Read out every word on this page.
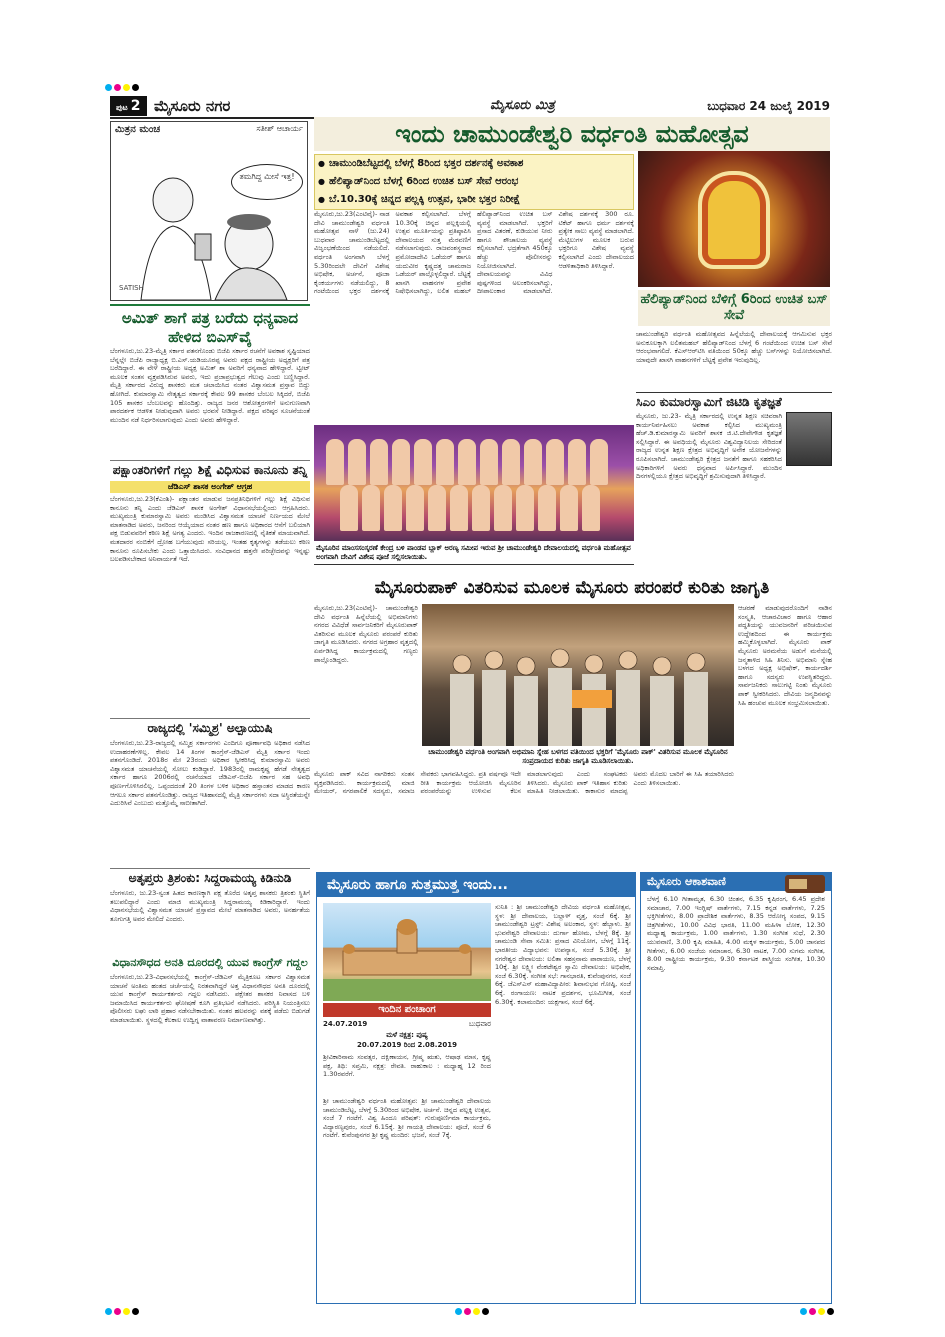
ಪುಟ 2 ಮೈಸೂರು ನಗರ	ಮೈಸೂರು ಮಿತ್ರ	ಬುಧವಾರ 24 ಜುಲೈ 2019
ಮಿತ್ರನ ಮಂಚ	ಸತೀಶ್ ಆಚಾರ್ಯ
SATISH
ತಮಗಿದ್ದ ಮೀಸೆ ಇತ್ತ!
ಅಮಿತ್ ಶಾಗೆ ಪತ್ರ ಬರೆದು ಧನ್ಯವಾದ ಹೇಳಿದ ಬಿಎಸ್‌ವೈ
ಬೆಂಗಳೂರು,ಜು.23-ಮೈತ್ರಿ ಸರ್ಕಾರ ಪತನಗೊಂಡು ಬಿಜೆಪಿ ಸರ್ಕಾರ ರಚನೆಗೆ ಅವಕಾಶ ಸೃಷ್ಟಿಯಾದ ಬೆನ್ನಲ್ಲೇ ಬಿಜೆಪಿ ರಾಜ್ಯಾಧ್ಯಕ್ಷ ಬಿ.ಎಸ್.ಯಡಿಯೂರಪ್ಪ ಅವರು ಪಕ್ಷದ ರಾಷ್ಟ್ರೀಯ ಅಧ್ಯಕ್ಷರಿಗೆ ಪತ್ರ ಬರೆದಿದ್ದಾರೆ. ಈ ವೇಳೆ ರಾಷ್ಟ್ರೀಯ ಅಧ್ಯಕ್ಷ ಅಮಿತ್ ಶಾ ಅವರಿಗೆ ಧನ್ಯವಾದ ಹೇಳಿದ್ದಾರೆ. ಟ್ವೀಟ್ ಮೂಲಕ ಸಂತಸ ವ್ಯಕ್ತಪಡಿಸಿರುವ ಅವರು, ಇದು ಪ್ರಜಾಪ್ರಭುತ್ವದ ಗೆಲುವು ಎಂದು ಬಣ್ಣಿಸಿದ್ದಾರೆ. ಮೈತ್ರಿ ಸರ್ಕಾರದ ವಿರುದ್ಧ ಶಾಸಕರು ಮತ ಚಲಾಯಿಸಿದ ನಂತರ ವಿಶ್ವಾಸಮತ ಪ್ರಸ್ತಾವ ಬಿದ್ದು ಹೋಗಿದೆ. ಕುಮಾರಸ್ವಾಮಿ ನೇತೃತ್ವದ ಸರ್ಕಾರಕ್ಕೆ ಕೇವಲ 99 ಶಾಸಕರ ಬೆಂಬಲ ಸಿಕ್ಕಿದರೆ, ಬಿಜೆಪಿ 105 ಶಾಸಕರ ಬೆಂಬಲವನ್ನು ಹೊಂದಿತ್ತು. ರಾಜ್ಯದ ಜನರ ಆಶೋತ್ತರಗಳಿಗೆ ಅನುಗುಣವಾಗಿ ಪಾರದರ್ಶಕ ಆಡಳಿತ ನೀಡುವುದಾಗಿ ಅವರು ಭರವಸೆ ನೀಡಿದ್ದಾರೆ. ಪಕ್ಷದ ವರಿಷ್ಠರ ಸೂಚನೆಯಂತೆ ಮುಂದಿನ ನಡೆ ನಿರ್ಧರಿಸಲಾಗುವುದು ಎಂದು ಅವರು ಹೇಳಿದ್ದಾರೆ.
ಪಕ್ಷಾಂತರಿಗಳಿಗೆ ಗಲ್ಲು ಶಿಕ್ಷೆ ವಿಧಿಸುವ ಕಾನೂನು ತನ್ನಿ
ಜೆಡಿಎಸ್ ಶಾಸಕ ಅಂಗೇಶ್ ಆಗ್ರಹ
ಬೆಂಗಳೂರು,ಜು.23(ಕೆಎಂಶಿ)- ಪಕ್ಷಾಂತರ ಮಾಡುವ ಜನಪ್ರತಿನಿಧಿಗಳಿಗೆ ಗಲ್ಲು ಶಿಕ್ಷೆ ವಿಧಿಸುವ ಕಾನೂನು ತನ್ನಿ ಎಂದು ಜೆಡಿಎಸ್ ಶಾಸಕ ಅಂಗೇಶ್ ವಿಧಾನಸಭೆಯಲ್ಲಿಂದು ಆಗ್ರಹಿಸಿದರು. ಮುಖ್ಯಮಂತ್ರಿ ಕುಮಾರಸ್ವಾಮಿ ಅವರು ಮಂಡಿಸಿದ ವಿಶ್ವಾಸಮತ ಯಾಚನೆ ನಿರ್ಣಯದ ಮೇಲೆ ಮಾತನಾಡಿದ ಅವರು, ಜನರಿಂದ ಆಯ್ಕೆಯಾದ ನಂತರ ಹಣ ಹಾಗೂ ಅಧಿಕಾರದ ಆಸೆಗೆ ಬಲಿಯಾಗಿ ಪಕ್ಷ ಬಿಡುವವರಿಗೆ ಕಠಿಣ ಶಿಕ್ಷೆ ಅಗತ್ಯ ಎಂದರು. ಇಂದಿನ ರಾಜಕಾರಣದಲ್ಲಿ ನೈತಿಕತೆ ಮಾಯವಾಗಿದೆ. ಮತದಾರರ ನಂಬಿಕೆಗೆ ದ್ರೋಹ ಬಗೆಯುವುದು ಸರಿಯಲ್ಲ. ಇಂತಹ ಕೃತ್ಯಗಳನ್ನು ತಡೆಯಲು ಕಠಿಣ ಕಾನೂನು ರೂಪಿಸಬೇಕು ಎಂದು ಒತ್ತಾಯಿಸಿದರು. ಸಂವಿಧಾನದ ಹತ್ತನೇ ಪರಿಚ್ಛೇದವನ್ನು ಇನ್ನಷ್ಟು ಬಲಪಡಿಸಬೇಕಾದ ಅನಿವಾರ್ಯತೆ ಇದೆ.
ರಾಜ್ಯದಲ್ಲಿ 'ಸಮ್ಮಿಶ್ರ' ಅಲ್ಪಾಯುಷಿ
ಬೆಂಗಳೂರು,ಜು.23-ರಾಜ್ಯದಲ್ಲಿ ಸಮ್ಮಿಶ್ರ ಸರ್ಕಾರಗಳು ಎಂದಿಗೂ ಪೂರ್ಣಾವಧಿ ಅಧಿಕಾರ ನಡೆಸಿದ ಉದಾಹರಣೆಗಳಿಲ್ಲ. ಕೇವಲ 14 ತಿಂಗಳ ಕಾಂಗ್ರೆಸ್-ಜೆಡಿಎಸ್ ಮೈತ್ರಿ ಸರ್ಕಾರ ಇಂದು ಪತನಗೊಂಡಿದೆ. 2018ರ ಮೇ 23ರಂದು ಅಧಿಕಾರ ಸ್ವೀಕರಿಸಿದ್ದ ಕುಮಾರಸ್ವಾಮಿ ಅವರು ವಿಶ್ವಾಸಮತ ಯಾಚನೆಯಲ್ಲಿ ಸೋಲು ಕಂಡಿದ್ದಾರೆ. 1983ರಲ್ಲಿ ರಾಮಕೃಷ್ಣ ಹೆಗಡೆ ನೇತೃತ್ವದ ಸರ್ಕಾರ ಹಾಗೂ 2006ರಲ್ಲಿ ರಚನೆಯಾದ ಜೆಡಿಎಸ್-ಬಿಜೆಪಿ ಸರ್ಕಾರ ಸಹ ಅವಧಿ ಪೂರ್ಣಗೊಳಿಸಿರಲಿಲ್ಲ. ಒಪ್ಪಂದದಂತೆ 20 ತಿಂಗಳ ಬಳಿಕ ಅಧಿಕಾರ ಹಸ್ತಾಂತರ ಮಾಡದ ಕಾರಣ ಆಗಲೂ ಸರ್ಕಾರ ಪತನಗೊಂಡಿತ್ತು. ರಾಜ್ಯದ ಇತಿಹಾಸದಲ್ಲಿ ಮೈತ್ರಿ ಸರ್ಕಾರಗಳು ಸದಾ ಅಸ್ಥಿರತೆಯನ್ನೇ ಎದುರಿಸಿವೆ ಎಂಬುದು ಮತ್ತೊಮ್ಮೆ ಸಾಬೀತಾಗಿದೆ.
ಅತೃಪ್ತರು ತ್ರಿಶಂಕು: ಸಿದ್ದರಾಮಯ್ಯ ಕಿಡಿನುಡಿ
ಬೆಂಗಳೂರು, ಜು.23-ಸ್ವಂತ ಹಿತದ ಕಾರಣಕ್ಕಾಗಿ ಪಕ್ಷ ತೊರೆದ ಅತೃಪ್ತ ಶಾಸಕರು ತ್ರಿಶಂಕು ಸ್ಥಿತಿಗೆ ತಲುಪಲಿದ್ದಾರೆ ಎಂದು ಮಾಜಿ ಮುಖ್ಯಮಂತ್ರಿ ಸಿದ್ದರಾಮಯ್ಯ ಕಿಡಿಕಾರಿದ್ದಾರೆ. ಇಂದು ವಿಧಾನಸಭೆಯಲ್ಲಿ ವಿಶ್ವಾಸಮತ ಯಾಚನೆ ಪ್ರಸ್ತಾವದ ಮೇಲೆ ಮಾತನಾಡಿದ ಅವರು, ಅನರ್ಹತೆಯ ತೂಗುಗತ್ತಿ ಅವರ ಮೇಲಿದೆ ಎಂದರು.
ವಿಧಾನಸೌಧದ ಅನತಿ ದೂರದಲ್ಲಿ ಯುವ ಕಾಂಗ್ರೆಸ್ ಗದ್ದಲ
ಬೆಂಗಳೂರು,ಜು.23-ವಿಧಾನಸಭೆಯಲ್ಲಿ ಕಾಂಗ್ರೆಸ್-ಜೆಡಿಎಸ್ ಮೈತ್ರಿಕೂಟ ಸರ್ಕಾರ ವಿಶ್ವಾಸಮತ ಯಾಚನೆ ಅಂತಿಮ ಹಂತದ ಚರ್ಚೆಯಲ್ಲಿ ನಿರತವಾಗಿದ್ದರೆ ಅತ್ತ ವಿಧಾನಸೌಧದ ಅನತಿ ದೂರದಲ್ಲಿ ಯುವ ಕಾಂಗ್ರೆಸ್ ಕಾರ್ಯಕರ್ತರು ಗದ್ದಲ ನಡೆಸಿದರು. ಪಕ್ಷೇತರ ಶಾಸಕರ ನಿವಾಸದ ಬಳಿ ಜಮಾಯಿಸಿದ ಕಾರ್ಯಕರ್ತರು ಘೋಷಣೆ ಕೂಗಿ ಪ್ರತಿಭಟನೆ ನಡೆಸಿದರು. ಪರಿಸ್ಥಿತಿ ನಿಯಂತ್ರಿಸಲು ಪೊಲೀಸರು ಲಘು ಲಾಠಿ ಪ್ರಹಾರ ನಡೆಸಬೇಕಾಯಿತು. ನಂತರ ಹಲವರನ್ನು ವಶಕ್ಕೆ ಪಡೆದು ಬಿಡುಗಡೆ ಮಾಡಲಾಯಿತು. ಸ್ಥಳದಲ್ಲಿ ಕೆಲಕಾಲ ಉದ್ವಿಗ್ನ ವಾತಾವರಣ ನಿರ್ಮಾಣವಾಗಿತ್ತು.
ಇಂದು ಚಾಮುಂಡೇಶ್ವರಿ ವರ್ಧಂತಿ ಮಹೋತ್ಸವ
● ಚಾಮುಂಡಿಬೆಟ್ಟದಲ್ಲಿ ಬೆಳಗ್ಗೆ 8ರಿಂದ ಭಕ್ತರ ದರ್ಶನಕ್ಕೆ ಅವಕಾಶ
● ಹೆಲಿಪ್ಯಾಡ್‌ನಿಂದ ಬೆಳಗ್ಗೆ 6ರಿಂದ ಉಚಿತ ಬಸ್ ಸೇವೆ ಆರಂಭ
● ಬೆ.10.30ಕ್ಕೆ ಚಿನ್ನದ ಪಲ್ಲಕ್ಕಿ ಉತ್ಸವ, ಭಾರೀ ಭಕ್ತರ ನಿರೀಕ್ಷೆ
ಮೈಸೂರು,ಜು.23(ಎಂಟಿವೈ)- ನಾಡ ದೇವಿ ಚಾಮುಂಡೇಶ್ವರಿ ವರ್ಧಂತಿ ಮಹೋತ್ಸವ ನಾಳೆ (ಜು.24) ಬುಧವಾರ ಚಾಮುಂಡಿಬೆಟ್ಟದಲ್ಲಿ ವಿಜೃಂಭಣೆಯಿಂದ ನಡೆಯಲಿದೆ. ವರ್ಧಂತಿ ಅಂಗವಾಗಿ ಬೆಳಗ್ಗೆ 5.30ರಿಂದಲೇ ದೇವಿಗೆ ವಿಶೇಷ ಅಭಿಷೇಕ, ಅರ್ಚನೆ, ಪೂಜಾ ಕೈಂಕರ್ಯಗಳು ನಡೆಯಲಿದ್ದು, 8 ಗಂಟೆಯಿಂದ ಭಕ್ತರ ದರ್ಶನಕ್ಕೆ ಅವಕಾಶ ಕಲ್ಪಿಸಲಾಗಿದೆ. ಬೆಳಗ್ಗೆ 10.30ಕ್ಕೆ ಚಿನ್ನದ ಪಲ್ಲಕ್ಕಿಯಲ್ಲಿ ಉತ್ಸವ ಮೂರ್ತಿಯನ್ನು ಪ್ರತಿಷ್ಠಾಪಿಸಿ ದೇವಾಲಯದ ಸುತ್ತ ಮೆರವಣಿಗೆ ನಡೆಸಲಾಗುವುದು. ರಾಜವಂಶಸ್ಥರಾದ ಪ್ರಮೋದಾದೇವಿ ಒಡೆಯರ್ ಹಾಗೂ ಯದುವೀರ ಕೃಷ್ಣದತ್ತ ಚಾಮರಾಜ ಒಡೆಯರ್ ಪಾಲ್ಗೊಳ್ಳಲಿದ್ದಾರೆ. ಬೆಟ್ಟಕ್ಕೆ ಖಾಸಗಿ ವಾಹನಗಳ ಪ್ರವೇಶ ನಿಷೇಧಿಸಲಾಗಿದ್ದು, ಲಲಿತ ಮಹಲ್ ಹೆಲಿಪ್ಯಾಡ್‌ನಿಂದ ಉಚಿತ ಬಸ್ ವ್ಯವಸ್ಥೆ ಮಾಡಲಾಗಿದೆ. ಭಕ್ತರಿಗೆ ಪ್ರಸಾದ ವಿತರಣೆ, ಕುಡಿಯುವ ನೀರು ಹಾಗೂ ಶೌಚಾಲಯ ವ್ಯವಸ್ಥೆ ಕಲ್ಪಿಸಲಾಗಿದೆ. ಭದ್ರತೆಗಾಗಿ 450ಕ್ಕೂ ಹೆಚ್ಚು ಪೊಲೀಸರನ್ನು ನಿಯೋಜಿಸಲಾಗಿದೆ. ದೇವಾಲಯವನ್ನು ವಿವಿಧ ಪುಷ್ಪಗಳಿಂದ ಅಲಂಕರಿಸಲಾಗಿದ್ದು, ದೀಪಾಲಂಕಾರ ಮಾಡಲಾಗಿದೆ. ವಿಶೇಷ ದರ್ಶನಕ್ಕೆ 300 ರೂ. ಟಿಕೆಟ್ ಹಾಗೂ ಧರ್ಮ ದರ್ಶನಕ್ಕೆ ಪ್ರತ್ಯೇಕ ಸಾಲು ವ್ಯವಸ್ಥೆ ಮಾಡಲಾಗಿದೆ. ಮೆಟ್ಟಿಲುಗಳ ಮೂಲಕ ಬರುವ ಭಕ್ತರಿಗೂ ವಿಶೇಷ ವ್ಯವಸ್ಥೆ ಕಲ್ಪಿಸಲಾಗಿದೆ ಎಂದು ದೇವಾಲಯದ ಆಡಳಿತಾಧಿಕಾರಿ ತಿಳಿಸಿದ್ದಾರೆ.
ಹೆಲಿಪ್ಯಾಡ್‌ನಿಂದ ಬೆಳಿಗ್ಗೆ 6ರಿಂದ ಉಚಿತ ಬಸ್ ಸೇವೆ
ಚಾಮುಂಡೇಶ್ವರಿ ವರ್ಧಂತಿ ಮಹೋತ್ಸವದ ಹಿನ್ನೆಲೆಯಲ್ಲಿ ದೇವಾಲಯಕ್ಕೆ ಆಗಮಿಸುವ ಭಕ್ತರ ಅನುಕೂಲಕ್ಕಾಗಿ ಲಲಿತಮಹಲ್ ಹೆಲಿಪ್ಯಾಡ್‌ನಿಂದ ಬೆಳಗ್ಗೆ 6 ಗಂಟೆಯಿಂದ ಉಚಿತ ಬಸ್ ಸೇವೆ ಆರಂಭವಾಗಲಿದೆ. ಕೆಎಸ್‌ಆರ್‌ಟಿಸಿ ವತಿಯಿಂದ 50ಕ್ಕೂ ಹೆಚ್ಚು ಬಸ್‌ಗಳನ್ನು ನಿಯೋಜಿಸಲಾಗಿದೆ. ಯಾವುದೇ ಖಾಸಗಿ ವಾಹನಗಳಿಗೆ ಬೆಟ್ಟಕ್ಕೆ ಪ್ರವೇಶ ಇರುವುದಿಲ್ಲ.
ಸಿಎಂ ಕುಮಾರಸ್ವಾಮಿಗೆ ಜಿಟಿಡಿ ಕೃತಜ್ಞತೆ
ಮೈಸೂರು, ಜು.23- ಮೈತ್ರಿ ಸರ್ಕಾರದಲ್ಲಿ ಉನ್ನತ ಶಿಕ್ಷಣ ಸಚಿವರಾಗಿ ಕಾರ್ಯನಿರ್ವಹಿಸಲು ಅವಕಾಶ ಕಲ್ಪಿಸಿದ ಮುಖ್ಯಮಂತ್ರಿ ಹೆಚ್.ಡಿ.ಕುಮಾರಸ್ವಾಮಿ ಅವರಿಗೆ ಶಾಸಕ ಜಿ.ಟಿ.ದೇವೇಗೌಡ ಕೃತಜ್ಞತೆ ಸಲ್ಲಿಸಿದ್ದಾರೆ. ಈ ಅವಧಿಯಲ್ಲಿ ಮೈಸೂರು ವಿಶ್ವವಿದ್ಯಾನಿಲಯ ಸೇರಿದಂತೆ ರಾಜ್ಯದ ಉನ್ನತ ಶಿಕ್ಷಣ ಕ್ಷೇತ್ರದ ಅಭಿವೃದ್ಧಿಗೆ ಅನೇಕ ಯೋಜನೆಗಳನ್ನು ರೂಪಿಸಲಾಗಿದೆ. ಚಾಮುಂಡೇಶ್ವರಿ ಕ್ಷೇತ್ರದ ಜನತೆಗೆ ಹಾಗೂ ಸಹಕರಿಸಿದ ಅಧಿಕಾರಿಗಳಿಗೆ ಅವರು ಧನ್ಯವಾದ ಅರ್ಪಿಸಿದ್ದಾರೆ. ಮುಂದಿನ ದಿನಗಳಲ್ಲಿಯೂ ಕ್ಷೇತ್ರದ ಅಭಿವೃದ್ಧಿಗೆ ಶ್ರಮಿಸುವುದಾಗಿ ತಿಳಿಸಿದ್ದಾರೆ.
ಮೈಸೂರಿನ ಮಾಂಸಸಂಸ್ಕರಣೆ ಕೇಂದ್ರ ಬಳಿ ಪಾಂಡವ ಬ್ಲಾಕ್ ಅರಣ್ಯ ಸಮೀಪ ಇರುವ ಶ್ರೀ ಚಾಮುಂಡೇಶ್ವರಿ ದೇವಾಲಯದಲ್ಲಿ ವರ್ಧಂತಿ ಮಹೋತ್ಸವ ಅಂಗವಾಗಿ ದೇವಿಗೆ ವಿಶೇಷ ಪೂಜೆ ಸಲ್ಲಿಸಲಾಯಿತು.
ಮೈಸೂರುಪಾಕ್ ವಿತರಿಸುವ ಮೂಲಕ ಮೈಸೂರು ಪರಂಪರೆ ಕುರಿತು ಜಾಗೃತಿ
ಮೈಸೂರು,ಜು.23(ಎಂಟಿವೈ)- ಚಾಮುಂಡೇಶ್ವರಿ ದೇವಿ ವರ್ಧಂತಿ ಹಿನ್ನೆಲೆಯಲ್ಲಿ ಅಭಿಮಾನಿಗಳು ನಗರದ ವಿವಿಧೆಡೆ ಸಾರ್ವಜನಿಕರಿಗೆ ಮೈಸೂರುಪಾಕ್ ವಿತರಿಸುವ ಮೂಲಕ ಮೈಸೂರು ಪರಂಪರೆ ಕುರಿತು ಜಾಗೃತಿ ಮೂಡಿಸಿದರು. ನಗರದ ಅಗ್ರಹಾರ ವೃತ್ತದಲ್ಲಿ ಏರ್ಪಡಿಸಿದ್ದ ಕಾರ್ಯಕ್ರಮದಲ್ಲಿ ಗಣ್ಯರು ಪಾಲ್ಗೊಂಡಿದ್ದರು.
ಚಾಮುಂಡೇಶ್ವರಿ ವರ್ಧಂತಿ ಅಂಗವಾಗಿ ಅಭಿಮಾನಿ ಸ್ನೇಹ ಬಳಗದ ವತಿಯಿಂದ ಭಕ್ತರಿಗೆ 'ಮೈಸೂರು ಪಾಕ್' ವಿತರಿಸುವ ಮೂಲಕ ಮೈಸೂರಿನ ಸಂಪ್ರದಾಯದ ಕುರಿತು ಜಾಗೃತಿ ಮೂಡಿಸಲಾಯಿತು.
ಆಚರಣೆ ಮಾಡುವುದರೊಂದಿಗೆ ನಾಡಿನ ಸಂಸ್ಕೃತಿ, ಆಚಾರವಿಚಾರ ಹಾಗೂ ಆಹಾರ ಪದ್ಧತಿಯನ್ನು ಯುವಜನರಿಗೆ ಪರಿಚಯಿಸುವ ಉದ್ದೇಶದಿಂದ ಈ ಕಾರ್ಯಕ್ರಮ ಹಮ್ಮಿಕೊಳ್ಳಲಾಗಿದೆ. ಮೈಸೂರು ಪಾಕ್ ಮೈಸೂರು ಅರಮನೆಯ ಅಡುಗೆ ಮನೆಯಲ್ಲಿ ಜನ್ಮತಾಳಿದ ಸಿಹಿ ತಿನಿಸು. ಅಭಿಮಾನಿ ಸ್ನೇಹ ಬಳಗದ ಅಧ್ಯಕ್ಷ ಅಭಿಷೇಕ್, ಕಾರ್ಯದರ್ಶಿ ಹಾಗೂ ಸದಸ್ಯರು ಉಪಸ್ಥಿತರಿದ್ದರು. ಸಾರ್ವಜನಿಕರು ಸಾಲುಗಟ್ಟಿ ನಿಂತು ಮೈಸೂರು ಪಾಕ್ ಸ್ವೀಕರಿಸಿದರು. ದೇವಿಯ ಜನ್ಮದಿನವನ್ನು ಸಿಹಿ ಹಂಚುವ ಮೂಲಕ ಸಂಭ್ರಮಿಸಲಾಯಿತು.
ಮೈಸೂರು ಪಾಕ್ ಸವಿದ ನಾಗರಿಕರು ಸಂತಸ ವ್ಯಕ್ತಪಡಿಸಿದರು. ಕಾರ್ಯಕ್ರಮದಲ್ಲಿ ಮಾಜಿ ಮೇಯರ್, ನಗರಪಾಲಿಕೆ ಸದಸ್ಯರು, ಸಮಾಜ ಸೇವಕರು ಭಾಗವಹಿಸಿದ್ದರು. ಪ್ರತಿ ವರ್ಷವೂ ಇದೇ ರೀತಿ ಕಾರ್ಯಕ್ರಮ ಆಯೋಜಿಸಿ ಮೈಸೂರಿನ ಪರಂಪರೆಯನ್ನು ಉಳಿಸುವ ಕೆಲಸ ಮಾಡಲಾಗುವುದು ಎಂದು ಸಂಘಟಕರು ತಿಳಿಸಿದರು. ಮೈಸೂರು ಪಾಕ್ ಇತಿಹಾಸ ಕುರಿತು ಮಾಹಿತಿ ನೀಡಲಾಯಿತು. ಕಾಕಾಸುರ ಮಾದಪ್ಪ ಅವರು ಮೊದಲ ಬಾರಿಗೆ ಈ ಸಿಹಿ ತಯಾರಿಸಿದರು ಎಂದು ತಿಳಿಸಲಾಯಿತು.
ಮೈಸೂರು ಹಾಗೂ ಸುತ್ತಮುತ್ತ ಇಂದು...
ಇಂದಿನ ಪಂಚಾಂಗ
24.07.2019	ಬುಧವಾರ
ಮಳೆ ನಕ್ಷತ್ರ: ಪುಷ್ಯ
20.07.2019 ರಿಂದ 2.08.2019
ಶ್ರೀವಿಕಾರಿನಾಮ ಸಂವತ್ಸರ, ದಕ್ಷಿಣಾಯನ, ಗ್ರೀಷ್ಮ ಋತು, ಆಷಾಢ ಮಾಸ, ಕೃಷ್ಣ ಪಕ್ಷ, ತಿಥಿ: ಸಪ್ತಮಿ, ನಕ್ಷತ್ರ: ರೇವತಿ. ರಾಹುಕಾಲ : ಮಧ್ಯಾಹ್ನ 12 ರಿಂದ 1.30ರವರೆಗೆ.
ಶ್ರೀ ಚಾಮುಂಡೇಶ್ವರಿ ವರ್ಧಂತಿ ಮಹೋತ್ಸವ: ಶ್ರೀ ಚಾಮುಂಡೇಶ್ವರಿ ದೇವಾಲಯ ಚಾಮುಂಡಿಬೆಟ್ಟ, ಬೆಳಗ್ಗೆ 5.30ರಿಂದ ಅಭಿಷೇಕ, ಅರ್ಚನೆ. ಚಿನ್ನದ ಪಲ್ಲಕ್ಕಿ ಉತ್ಸವ, ಸಂಜೆ 7 ಗಂಟೆಗೆ. ವಿಶ್ವ ಹಿಂದೂ ಪರಿಷತ್: ಗುರುಪೂರ್ಣಿಮಾ ಕಾರ್ಯಕ್ರಮ, ವಿದ್ಯಾರಣ್ಯಪುರಂ, ಸಂಜೆ 6.15ಕ್ಕೆ. ಶ್ರೀ ಗಾಯತ್ರಿ ದೇವಾಲಯ: ಪೂಜೆ, ಸಂಜೆ 6 ಗಂಟೆಗೆ. ಕುವೆಂಪುನಗರ ಶ್ರೀ ಕೃಷ್ಣ ಮಂದಿರ: ಭಜನೆ, ಸಂಜೆ 7ಕ್ಕೆ.
ಸುನಿತಿ : ಶ್ರೀ ಚಾಮುಂಡೇಶ್ವರಿ ದೇವಿಯ ವರ್ಧಂತಿ ಮಹೋತ್ಸವ, ಸ್ಥಳ: ಶ್ರೀ ದೇವಾಲಯ, ಬಲ್ಲಾಳ್ ವೃತ್ತ, ಸಂಜೆ 6ಕ್ಕೆ. ಶ್ರೀ ಚಾಮುಂಡೇಶ್ವರಿ ಟ್ರಸ್ಟ್: ವಿಶೇಷ ಅಲಂಕಾರ, ಸ್ಥಳ: ಹೆಬ್ಬಾಳು. ಶ್ರೀ ಭುವನೇಶ್ವರಿ ದೇವಾಲಯ: ದುರ್ಗಾ ಹೋಮ, ಬೆಳಗ್ಗೆ 8ಕ್ಕೆ. ಶ್ರೀ ಚಾಮುಂಡಿ ಸೇವಾ ಸಮಿತಿ: ಪ್ರಸಾದ ವಿನಿಯೋಗ, ಬೆಳಗ್ಗೆ 11ಕ್ಕೆ. ಭಾರತೀಯ ವಿದ್ಯಾಭವನ: ಉಪನ್ಯಾಸ, ಸಂಜೆ 5.30ಕ್ಕೆ. ಶ್ರೀ ನಗರೇಶ್ವರ ದೇವಾಲಯ: ಲಲಿತಾ ಸಹಸ್ರನಾಮ ಪಾರಾಯಣ, ಬೆಳಗ್ಗೆ 10ಕ್ಕೆ. ಶ್ರೀ ಲಕ್ಷ್ಮೀ ವೆಂಕಟೇಶ್ವರ ಸ್ವಾಮಿ ದೇವಾಲಯ: ಅಭಿಷೇಕ, ಸಂಜೆ 6.30ಕ್ಕೆ. ಸಂಗೀತ ಸಭೆ: ಗಾನಭಾರತಿ, ಕುವೆಂಪುನಗರ, ಸಂಜೆ 6ಕ್ಕೆ. ಜೆಎಸ್‌ಎಸ್ ಮಹಾವಿದ್ಯಾಪೀಠ: ಶಿವಾನುಭವ ಗೋಷ್ಠಿ, ಸಂಜೆ 6ಕ್ಕೆ. ರಂಗಾಯಣ: ನಾಟಕ ಪ್ರದರ್ಶನ, ಭೂಮಿಗೀತ, ಸಂಜೆ 6.30ಕ್ಕೆ. ಕಲಾಮಂದಿರ: ಯಕ್ಷಗಾನ, ಸಂಜೆ 6ಕ್ಕೆ.
ಮೈಸೂರು ಆಕಾಶವಾಣಿ
ಬೆಳಗ್ಗೆ 6.10 ಗೀತಾಮೃತ, 6.30 ಚಿಂತನ, 6.35 ಕೃಷಿರಂಗ, 6.45 ಪ್ರದೇಶ ಸಮಾಚಾರ, 7.00 ಇಂಗ್ಲಿಷ್ ವಾರ್ತೆಗಳು, 7.15 ಕನ್ನಡ ವಾರ್ತೆಗಳು, 7.25 ಭಕ್ತಿಗೀತೆಗಳು, 8.00 ಪ್ರಾದೇಶಿಕ ವಾರ್ತೆಗಳು, 8.35 ಆರೋಗ್ಯ ಸಂಪದ, 9.15 ಚಿತ್ರಗೀತೆಗಳು, 10.00 ವಿವಿಧ ಭಾರತಿ, 11.00 ಮಹಿಳಾ ಲೋಕ, 12.30 ಮಧ್ಯಾಹ್ನ ಕಾರ್ಯಕ್ರಮ, 1.00 ವಾರ್ತೆಗಳು, 1.30 ಸಂಗೀತ ಸುಧೆ, 2.30 ಯುವವಾಣಿ, 3.00 ಕೃಷಿ ಮಾಹಿತಿ, 4.00 ಮಕ್ಕಳ ಕಾರ್ಯಕ್ರಮ, 5.00 ಜಾನಪದ ಗೀತೆಗಳು, 6.00 ಸಂಜೆಯ ಸಮಾಚಾರ, 6.30 ನಾಟಕ, 7.00 ಸುಗಮ ಸಂಗೀತ, 8.00 ರಾಷ್ಟ್ರೀಯ ಕಾರ್ಯಕ್ರಮ, 9.30 ಕರ್ನಾಟಕ ಶಾಸ್ತ್ರೀಯ ಸಂಗೀತ, 10.30 ಸಮಾಪ್ತಿ.
